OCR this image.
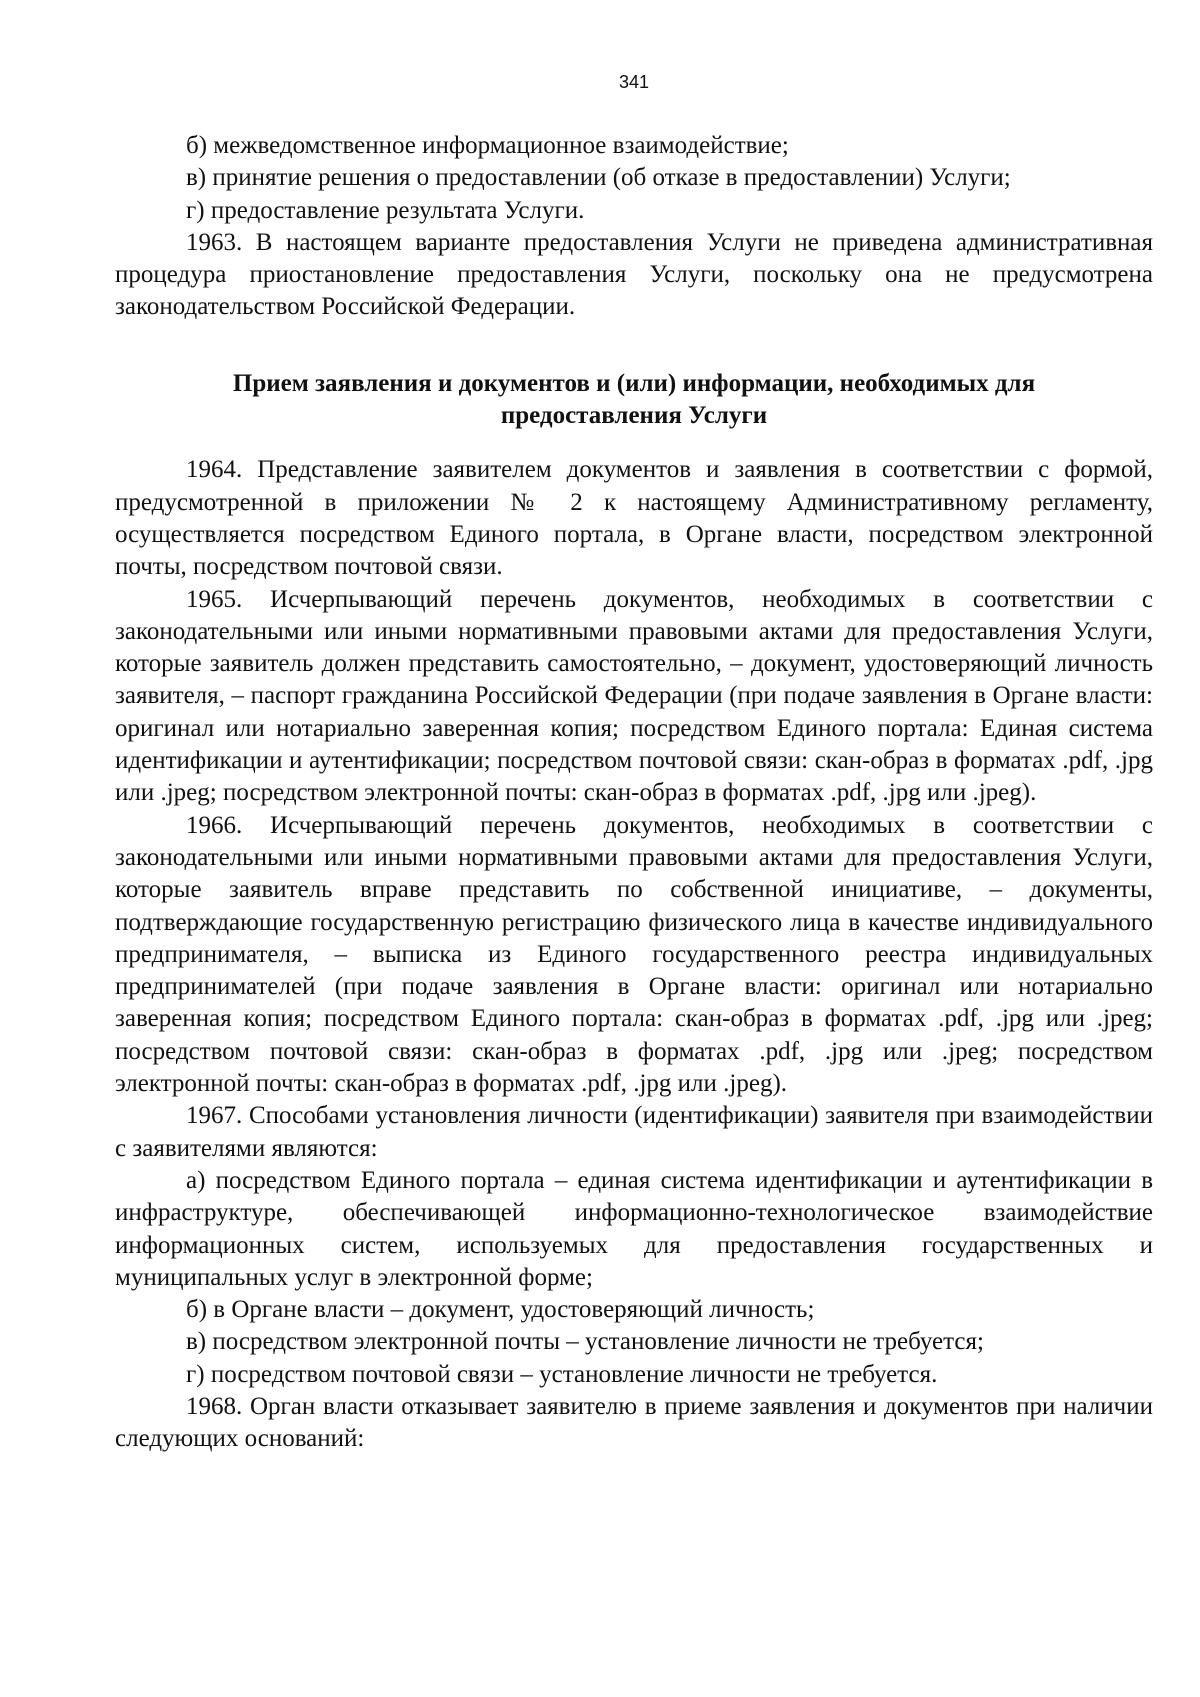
341

б) межведомственное информационное взаимодействие;

в) принятие решения о предоставлении (об отказе в предоставлении) Услуги;

г) предоставление результата Услуги.

1963. В настоящем варианте предоставления Услуги не приведена административная процедура приостановление предоставления Услуги, поскольку она не предусмотрена законодательством Российской Федерации.

Прием заявления и документов и (или) информации, необходимых для
предоставления Услуги

1964. Представление заявителем документов и заявления в соответствии с формой, предусмотренной в приложении № 2 к настоящему Административному регламенту, осуществляется посредством Единого портала, в Органе власти, посредством электронной почты, посредством почтовой связи.

1965. Исчерпывающий перечень документов, необходимых в соответствии с законодательными или иными нормативными правовыми актами для предоставления Услуги, которые заявитель должен представить самостоятельно, – документ, удостоверяющий личность заявителя, – паспорт гражданина Российской Федерации (при подаче заявления в Органе власти: оригинал или нотариально заверенная копия; посредством Единого портала: Единая система идентификации и аутентификации; посредством почтовой связи: скан-образ в форматах .pdf, .jpg или .jpeg; посредством электронной почты: скан-образ в форматах .pdf, .jpg или .jpeg).

1966. Исчерпывающий перечень документов, необходимых в соответствии с законодательными или иными нормативными правовыми актами для предоставления Услуги, которые заявитель вправе представить по собственной инициативе, – документы, подтверждающие государственную регистрацию физического лица в качестве индивидуального предпринимателя, – выписка из Единого государственного реестра индивидуальных предпринимателей (при подаче заявления в Органе власти: оригинал или нотариально заверенная копия; посредством Единого портала: скан-образ в форматах .pdf, .jpg или .jpeg; посредством почтовой связи: скан-образ в форматах .pdf, .jpg или .jpeg; посредством электронной почты: скан-образ в форматах .pdf, .jpg или .jpeg).

1967. Способами установления личности (идентификации) заявителя при взаимодействии с заявителями являются:

а) посредством Единого портала – единая система идентификации и аутентификации в инфраструктуре, обеспечивающей информационно-технологическое взаимодействие информационных систем, используемых для предоставления государственных и муниципальных услуг в электронной форме;

б) в Органе власти – документ, удостоверяющий личность;

в) посредством электронной почты – установление личности не требуется;

г) посредством почтовой связи – установление личности не требуется.

1968. Орган власти отказывает заявителю в приеме заявления и документов при наличии следующих оснований:
